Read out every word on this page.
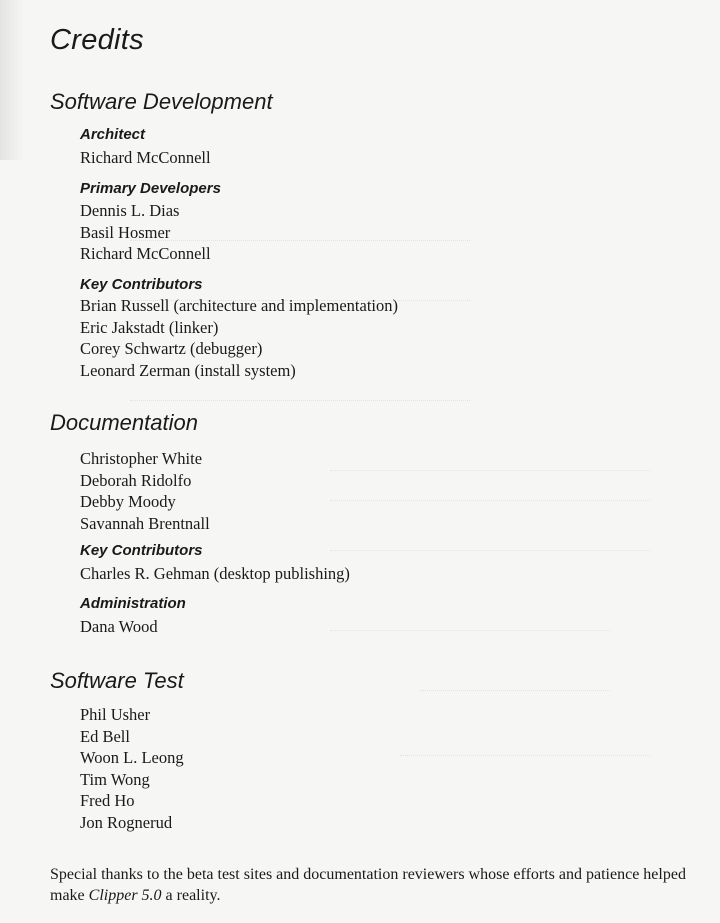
Credits
Software Development
Architect
Richard McConnell
Primary Developers
Dennis L. Dias
Basil Hosmer
Richard McConnell
Key Contributors
Brian Russell (architecture and implementation)
Eric Jakstadt (linker)
Corey Schwartz (debugger)
Leonard Zerman (install system)
Documentation
Christopher White
Deborah Ridolfo
Debby Moody
Savannah Brentnall
Key Contributors
Charles R. Gehman (desktop publishing)
Administration
Dana Wood
Software Test
Phil Usher
Ed Bell
Woon L. Leong
Tim Wong
Fred Ho
Jon Rognerud

Special thanks to the beta test sites and documentation reviewers whose efforts and patience helped make Clipper 5.0 a reality.
